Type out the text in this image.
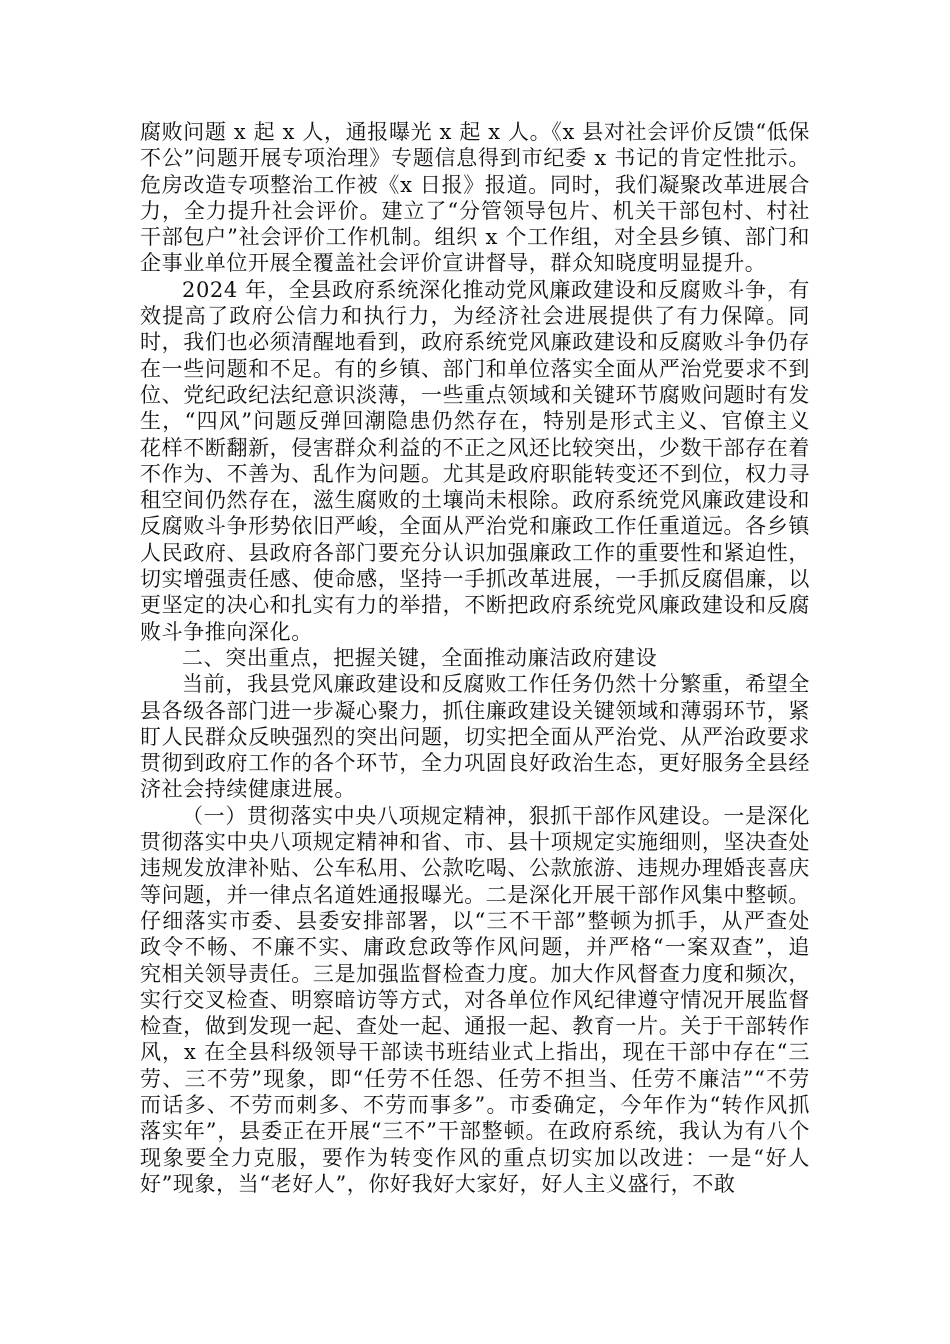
腐败问题 x 起 x 人，通报曝光 x 起 x 人。《x 县对社会评价反馈“低保不公”问题开展专项治理》专题信息得到市纪委 x 书记的肯定性批示。危房改造专项整治工作被《x 日报》报道。同时，我们凝聚改革进展合力，全力提升社会评价。建立了“分管领导包片、机关干部包村、村社干部包户”社会评价工作机制。组织 x 个工作组，对全县乡镇、部门和企事业单位开展全覆盖社会评价宣讲督导，群众知晓度明显提升。

2024 年，全县政府系统深化推动党风廉政建设和反腐败斗争，有效提高了政府公信力和执行力，为经济社会进展提供了有力保障。同时，我们也必须清醒地看到，政府系统党风廉政建设和反腐败斗争仍存在一些问题和不足。有的乡镇、部门和单位落实全面从严治党要求不到位、党纪政纪法纪意识淡薄，一些重点领域和关键环节腐败问题时有发生，“四风”问题反弹回潮隐患仍然存在，特别是形式主义、官僚主义花样不断翻新，侵害群众利益的不正之风还比较突出，少数干部存在着不作为、不善为、乱作为问题。尤其是政府职能转变还不到位，权力寻租空间仍然存在，滋生腐败的土壤尚未根除。政府系统党风廉政建设和反腐败斗争形势依旧严峻，全面从严治党和廉政工作任重道远。各乡镇人民政府、县政府各部门要充分认识加强廉政工作的重要性和紧迫性，切实增强责任感、使命感，坚持一手抓改革进展，一手抓反腐倡廉，以更坚定的决心和扎实有力的举措，不断把政府系统党风廉政建设和反腐败斗争推向深化。

二、突出重点，把握关键，全面推动廉洁政府建设

当前，我县党风廉政建设和反腐败工作任务仍然十分繁重，希望全县各级各部门进一步凝心聚力，抓住廉政建设关键领域和薄弱环节，紧盯人民群众反映强烈的突出问题，切实把全面从严治党、从严治政要求贯彻到政府工作的各个环节，全力巩固良好政治生态，更好服务全县经济社会持续健康进展。

（一）贯彻落实中央八项规定精神，狠抓干部作风建设。一是深化贯彻落实中央八项规定精神和省、市、县十项规定实施细则，坚决查处违规发放津补贴、公车私用、公款吃喝、公款旅游、违规办理婚丧喜庆等问题，并一律点名道姓通报曝光。二是深化开展干部作风集中整顿。仔细落实市委、县委安排部署，以“三不干部”整顿为抓手，从严查处政令不畅、不廉不实、庸政怠政等作风问题，并严格“一案双查”，追究相关领导责任。三是加强监督检查力度。加大作风督查力度和频次，实行交叉检查、明察暗访等方式，对各单位作风纪律遵守情况开展监督检查，做到发现一起、查处一起、通报一起、教育一片。关于干部转作风，x 在全县科级领导干部读书班结业式上指出，现在干部中存在“三劳、三不劳”现象，即“任劳不任怨、任劳不担当、任劳不廉洁”“不劳而话多、不劳而刺多、不劳而事多”。市委确定，今年作为“转作风抓落实年”，县委正在开展“三不”干部整顿。在政府系统，我认为有八个现象要全力克服，要作为转变作风的重点切实加以改进：一是“好人好”现象，当“老好人”，你好我好大家好，好人主义盛行，不敢
